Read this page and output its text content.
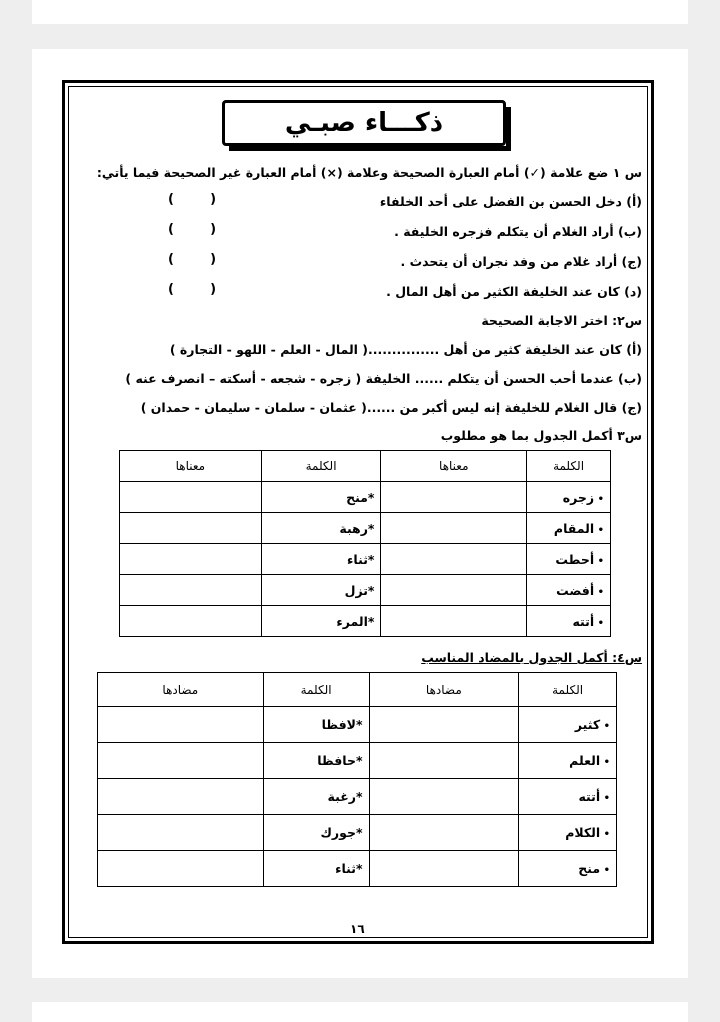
ذكـــاء صبـي
س ١ ضع علامة (✓) أمام العبارة الصحيحة وعلامة (×) أمام العبارة غير الصحيحة فيما يأتي:
(أ) دخل الحسن بن الفضل على أحد الخلفاء
(        )
(ب) أراد الغلام أن يتكلم فزجره الخليفة .
(        )
(ج) أراد غلام من وفد نجران أن يتحدث .
(        )
(د) كان عند الخليفة الكثير من أهل المال .
(        )
س٢: اختر الاجابة الصحيحة
(أ) كان عند الخليفة كثير من أهل ...............( المال - العلم - اللهو - التجارة )
(ب) عندما أحب الحسن أن يتكلم ...... الخليفة ( زجره - شجعه - أسكته – انصرف عنه )
(ج) قال الغلام للخليفة إنه ليس أكبر من ......( عثمان - سلمان - سليمان - حمدان )
س٣ أكمل الجدول بما هو مطلوب
الكلمة	معناها	الكلمة	معناها
• زجره		*منح	
• المقام		*رهبة	
• أحطت		*ثناء	
• أفضت		*تزل	
• أتته		*المرء	
س٤: أكمل الجدول بالمضاد المناسب
الكلمة	مضادها	الكلمة	مضادها
• كثير		*لافظا	
• العلم		*حافظا	
• أتته		*رغبة	
• الكلام		*جورك	
• منح		*ثناء	
١٦
